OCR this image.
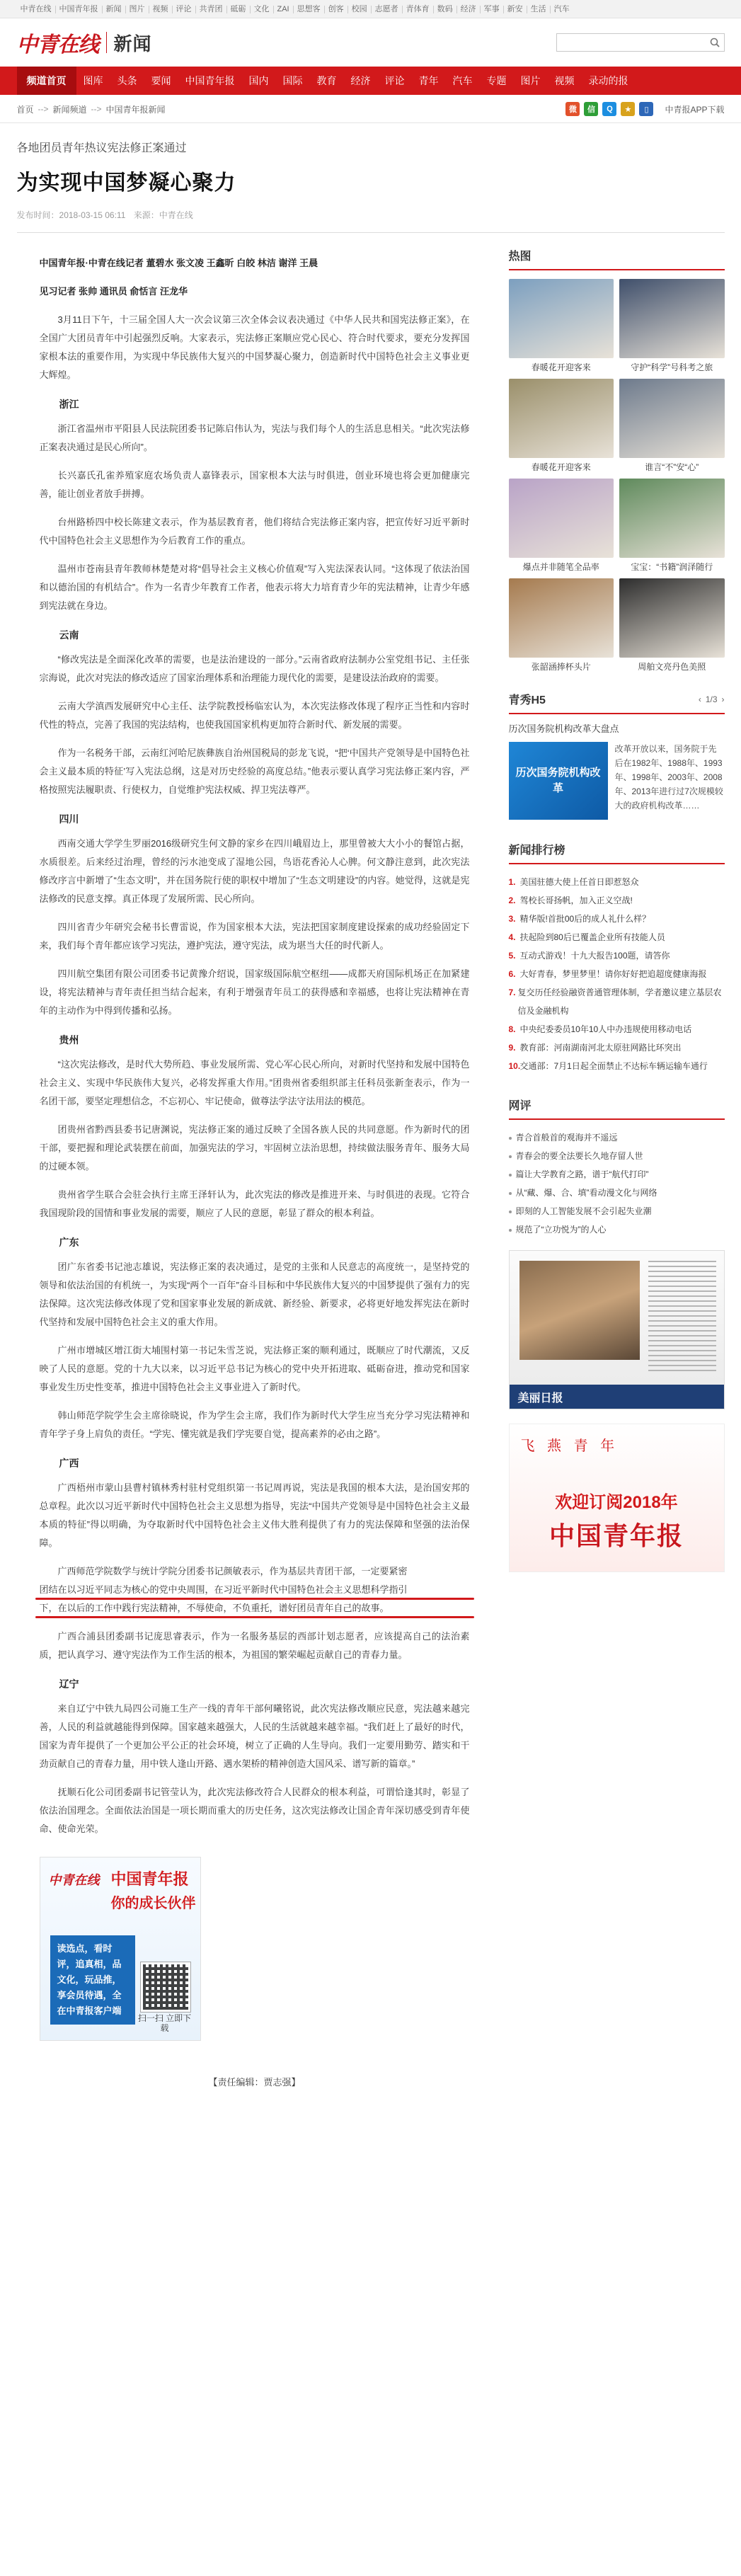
中青在线	中国青年报	新闻	图片	视频	评论	共青团	砥砺	文化	ZAI	思想客	创客	校园	志愿者	青体育	数码	经济	军事	新安	生活	汽车
中青在线 新闻
频道首页	图库	头条	要闻	中国青年报	国内	国际	教育	经济	评论	青年	汽车	专题	图片	视频	录动的报
首页 --> 新闻频道 --> 中国青年报新闻	微	信	Q	★	▯	中青报APP下载
各地团员青年热议宪法修正案通过
为实现中国梦凝心聚力
发布时间：2018-03-15 06:11 来源：中青在线

中国青年报·中青在线记者 董碧水 张文凌 王鑫昕 白皎 林洁 谢洋 王晨

见习记者 张帅 通讯员 俞恬言 汪龙华

3月11日下午，十三届全国人大一次会议第三次全体会议表决通过《中华人民共和国宪法修正案》，在全国广大团员青年中引起强烈反响。大家表示，宪法修正案顺应党心民心、符合时代要求，要充分发挥国家根本法的重要作用，为实现中华民族伟大复兴的中国梦凝心聚力，创造新时代中国特色社会主义事业更大辉煌。

浙江

浙江省温州市平阳县人民法院团委书记陈启伟认为，宪法与我们每个人的生活息息相关。“此次宪法修正案表决通过是民心所向”。

长兴嘉氏孔雀养殖家庭农场负责人嘉锋表示，国家根本大法与时俱进，创业环境也将会更加健康完善，能让创业者放手拼搏。

台州路桥四中校长陈建文表示，作为基层教育者，他们将结合宪法修正案内容，把宣传好习近平新时代中国特色社会主义思想作为今后教育工作的重点。

温州市苍南县青年教师林楚楚对将“倡导社会主义核心价值观”写入宪法深表认同。“这体现了依法治国和以德治国的有机结合”。作为一名青少年教育工作者，他表示将大力培育青少年的宪法精神，让青少年感到宪法就在身边。

云南

“修改宪法是全面深化改革的需要，也是法治建设的一部分。”云南省政府法制办公室党组书记、主任张宗海说，此次对宪法的修改适应了国家治理体系和治理能力现代化的需要，是建设法治政府的需要。

云南大学滇西发展研究中心主任、法学院教授杨临宏认为，本次宪法修改体现了程序正当性和内容时代性的特点，完善了我国的宪法结构，也使我国国家机构更加符合新时代、新发展的需要。

作为一名税务干部，云南红河哈尼族彝族自治州国税局的彭龙飞说，“把‘中国共产党领导是中国特色社会主义最本质的特征’写入宪法总纲，这是对历史经验的高度总结。”他表示要认真学习宪法修正案内容，严格按照宪法履职责、行使权力，自觉维护宪法权威、捍卫宪法尊严。

四川

西南交通大学学生罗丽2016级研究生何文静的家乡在四川峨眉边上，那里曾被大大小小的餐馆占据，水质很差。后来经过治理，曾经的污水池变成了湿地公园，鸟语花香沁人心脾。何文静注意到，此次宪法修改序言中新增了“生态文明”，并在国务院行使的职权中增加了“生态文明建设”的内容。她觉得，这就是宪法修改的民意支撑。真正体现了发展所需、民心所向。

四川省青少年研究会秘书长曹雷说，作为国家根本大法，宪法把国家制度建设探索的成功经验固定下来，我们每个青年都应该学习宪法，遵护宪法，遵守宪法，成为堪当大任的时代新人。

四川航空集团有限公司团委书记黄豫介绍说，国家级国际航空枢纽——成都天府国际机场正在加紧建设，将宪法精神与青年责任担当结合起来，有利于增强青年员工的获得感和幸福感，也将让宪法精神在青年的主动作为中得到传播和弘扬。

贵州

“这次宪法修改，是时代大势所趋、事业发展所需、党心军心民心所向，对新时代坚持和发展中国特色社会主义、实现中华民族伟大复兴，必将发挥重大作用。”团贵州省委组织部主任科员张新奎表示，作为一名团干部，要坚定理想信念，不忘初心、牢记使命，做尊法学法守法用法的模范。

团贵州省黔西县委书记唐渊说，宪法修正案的通过反映了全国各族人民的共同意愿。作为新时代的团干部，要把握和理论武装摆在前面，加强宪法的学习，牢固树立法治思想，持续做法服务青年、服务大局的过硬本领。

贵州省学生联合会驻会执行主席王泽轩认为，此次宪法的修改是推进开来、与时俱进的表现。它符合我国现阶段的国情和事业发展的需要，顺应了人民的意愿，彰显了群众的根本利益。

广东

团广东省委书记池志雄说，宪法修正案的表决通过，是党的主张和人民意志的高度统一，是坚持党的领导和依法治国的有机统一，为实现“两个一百年”奋斗目标和中华民族伟大复兴的中国梦提供了强有力的宪法保障。这次宪法修改体现了党和国家事业发展的新成就、新经验、新要求，必将更好地发挥宪法在新时代坚持和发展中国特色社会主义的重大作用。

广州市增城区增江街大埔围村第一书记朱雪芝说，宪法修正案的顺利通过，既顺应了时代潮流，又反映了人民的意愿。党的十九大以来，以习近平总书记为核心的党中央开拓进取、砥砺奋进，推动党和国家事业发生历史性变革，推进中国特色社会主义事业进入了新时代。

韩山师范学院学生会主席徐晓说，作为学生会主席，我们作为新时代大学生应当充分学习宪法精神和青年学子身上肩负的责任。“学宪、懂宪就是我们学宪要自觉，提高素养的必由之路”。

广西

广西梧州市蒙山县曹村镇林秀村驻村党组织第一书记周再说，宪法是我国的根本大法，是治国安邦的总章程。此次以习近平新时代中国特色社会主义思想为指导，宪法“中国共产党领导是中国特色社会主义最本质的特征”得以明确，为夺取新时代中国特色社会主义伟大胜利提供了有力的宪法保障和坚强的法治保障。

广西师范学院数学与统计学院分团委书记颜敏表示，作为基层共青团干部，一定要紧密
团结在以习近平同志为核心的党中央周围，在习近平新时代中国特色社会主义思想科学指引
下，在以后的工作中践行宪法精神，不辱使命，不负重托，谱好团员青年自己的故事。

广西合浦县团委副书记庞思睿表示，作为一名服务基层的西部计划志愿者，应该提高自己的法治素质，把认真学习、遵守宪法作为工作生活的根本，为祖国的繁荣崛起贡献自己的青春力量。

辽宁

来自辽宁中铁九局四公司施工生产一线的青年干部何曦铭说，此次宪法修改顺应民意，宪法越来越完善，人民的利益就越能得到保障。国家越来越强大，人民的生活就越来越幸福。“我们赶上了最好的时代，国家为青年提供了一个更加公平公正的社会环境，树立了正确的人生导向。我们一定要用勤劳、踏实和干劲贡献自己的青春力量，用中铁人逢山开路、遇水架桥的精神创造大国风采、谱写新的篇章。”

抚顺石化公司团委副书记管莹认为，此次宪法修改符合人民群众的根本利益，可谓恰逢其时，彰显了依法治国理念。全面依法治国是一项长期而重大的历史任务，这次宪法修改让国企青年深切感受到青年使命、使命光荣。

中青在线 中国青年报
你的成长伙伴
读选点，看时评，追真相，品文化，玩品推，享会员待遇，全在中青报客户端
扫一扫 立即下载
【责任编辑：贾志强】
热图
春暖花开迎客来	守护“科学”号科考之旅
春暖花开迎客来	谁言“不”安“心”
爆点并非随笔全品率	宝宝：“书籍”润泽随行
张韶涵捧杯头片	周舶文亮丹色美照
青秀H5	‹ 1/3 ›
历次国务院机构改革大盘点
历次国务院机构改革
改革开放以来，国务院于先后在1982年、1988年、1993年、1998年、2003年、2008年、2013年进行过7次规模较大的政府机构改革……
新闻排行榜
1. 美国驻德大使上任首日即惹怒众
2. 驾校长哥扬帆，加入正义空战!
3. 精华版!首批00后的成人礼什么样？
4. 扶起险到80后已覆盖企业所有技能人员
5. 互动式游戏！十九大报告100题，请答你
6. 大好青春，梦里梦里！请你好好把追超度健康海报
7. 复交历任经验融资普通管理体制，学者邀议建立基层农信及金融机构
8. 中央纪委委员10年10人中办违规使用移动电话
9. 教育部：河南湖南河北太原驻网路比环突出
10. 交通部：7月1日起全面禁止不达标车辆运输车通行
网评
青合首般首的观海并不遥远
青春会的要全法要长久地存留人世
篇让大学教育之路，谱于“航代打印”
从“藏、爆、合、填”看动漫文化与网络
即刻的人工智能发展不会引起失业潮
规范了“立功悦为”的人心
美丽日报
飞 燕 青 年
欢迎订阅2018年
中国青年报
